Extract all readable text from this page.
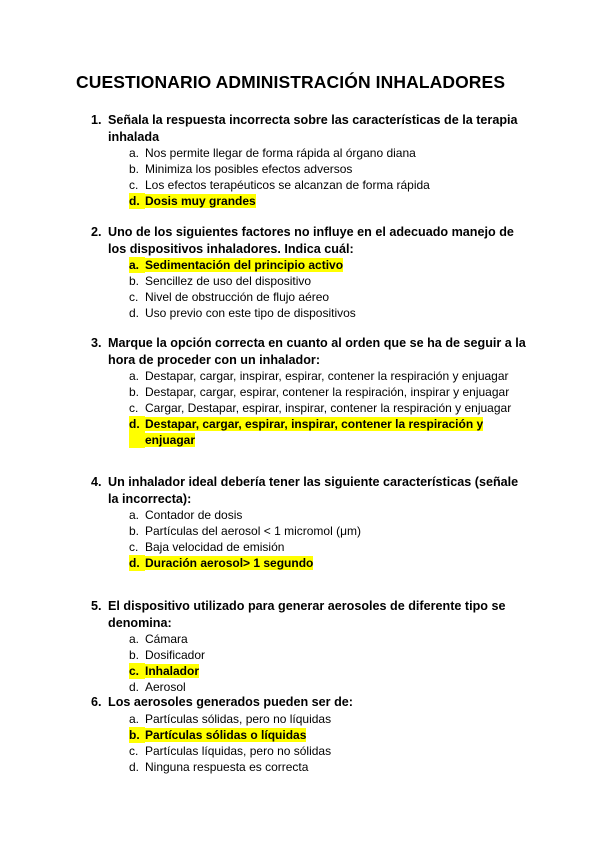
CUESTIONARIO ADMINISTRACIÓN INHALADORES
1. Señala la respuesta incorrecta sobre las características de la terapia inhalada
a. Nos permite llegar de forma rápida al órgano diana
b. Minimiza los posibles efectos adversos
c. Los efectos terapéuticos se alcanzan de forma rápida
d. Dosis muy grandes
2. Uno de los siguientes factores no influye en el adecuado manejo de los dispositivos inhaladores. Indica cuál:
a. Sedimentación del principio activo
b. Sencillez de uso del dispositivo
c. Nivel de obstrucción de flujo aéreo
d. Uso previo con este tipo de dispositivos
3. Marque la opción correcta en cuanto al orden que se ha de seguir a la hora de proceder con un inhalador:
a. Destapar, cargar, inspirar, espirar, contener la respiración y enjuagar
b. Destapar, cargar, espirar, contener la respiración, inspirar y enjuagar
c. Cargar, Destapar, espirar, inspirar, contener la respiración y enjuagar
d. Destapar, cargar, espirar, inspirar, contener la respiración y enjuagar
4. Un inhalador ideal debería tener las siguiente características (señale la incorrecta):
a. Contador de dosis
b. Partículas del aerosol < 1 micromol (μm)
c. Baja velocidad de emisión
d. Duración aerosol> 1 segundo
5. El dispositivo utilizado para generar aerosoles de diferente tipo se denomina:
a. Cámara
b. Dosificador
c. Inhalador
d. Aerosol
6. Los aerosoles generados pueden ser de:
a. Partículas sólidas, pero no líquidas
b. Partículas sólidas o líquidas
c. Partículas líquidas, pero no sólidas
d. Ninguna respuesta es correcta
